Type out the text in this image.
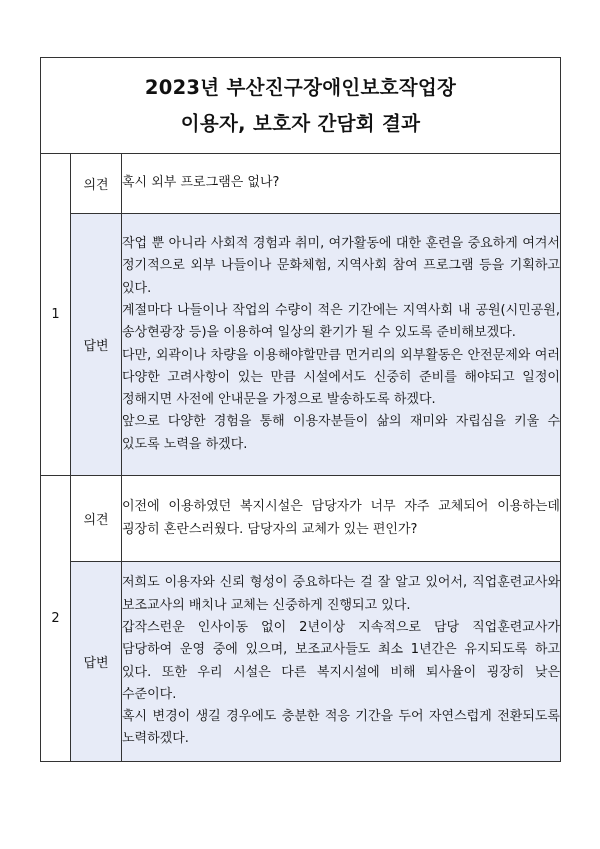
2023년 부산진구장애인보호작업장
이용자, 보호자 간담회 결과		

1	의견	혹시 외부 프로그램은 없나?
	답변	작업 뿐 아니라 사회적 경험과 취미, 여가활동에 대한 훈련을 중요하게 여겨서 정기적으로 외부 나들이나 문화체험, 지역사회 참여 프로그램 등을 기획하고 있다.

계절마다 나들이나 작업의 수량이 적은 기간에는 지역사회 내 공원(시민공원, 송상현광장 등)을 이용하여 일상의 환기가 될 수 있도록 준비해보겠다.

다만, 외곽이나 차량을 이용해야할만큼 먼거리의 외부활동은 안전문제와 여러 다양한 고려사항이 있는 만큼 시설에서도 신중히 준비를 해야되고 일정이 정해지면 사전에 안내문을 가정으로 발송하도록 하겠다.

앞으로 다양한 경험을 통해 이용자분들이 삶의 재미와 자립심을 키울 수 있도록 노력을 하겠다.

2	의견	이전에 이용하였던 복지시설은 담당자가 너무 자주 교체되어 이용하는데 굉장히 혼란스러웠다. 담당자의 교체가 있는 편인가?
	답변	저희도 이용자와 신뢰 형성이 중요하다는 걸 잘 알고 있어서, 직업훈련교사와 보조교사의 배치나 교체는 신중하게 진행되고 있다.

갑작스런운 인사이동 없이 2년이상 지속적으로 담당 직업훈련교사가 담당하여 운영 중에 있으며, 보조교사들도 최소 1년간은 유지되도록 하고 있다. 또한 우리 시설은 다른 복지시설에 비해 퇴사율이 굉장히 낮은 수준이다.

혹시 변경이 생길 경우에도 충분한 적응 기간을 두어 자연스럽게 전환되도록 노력하겠다.
